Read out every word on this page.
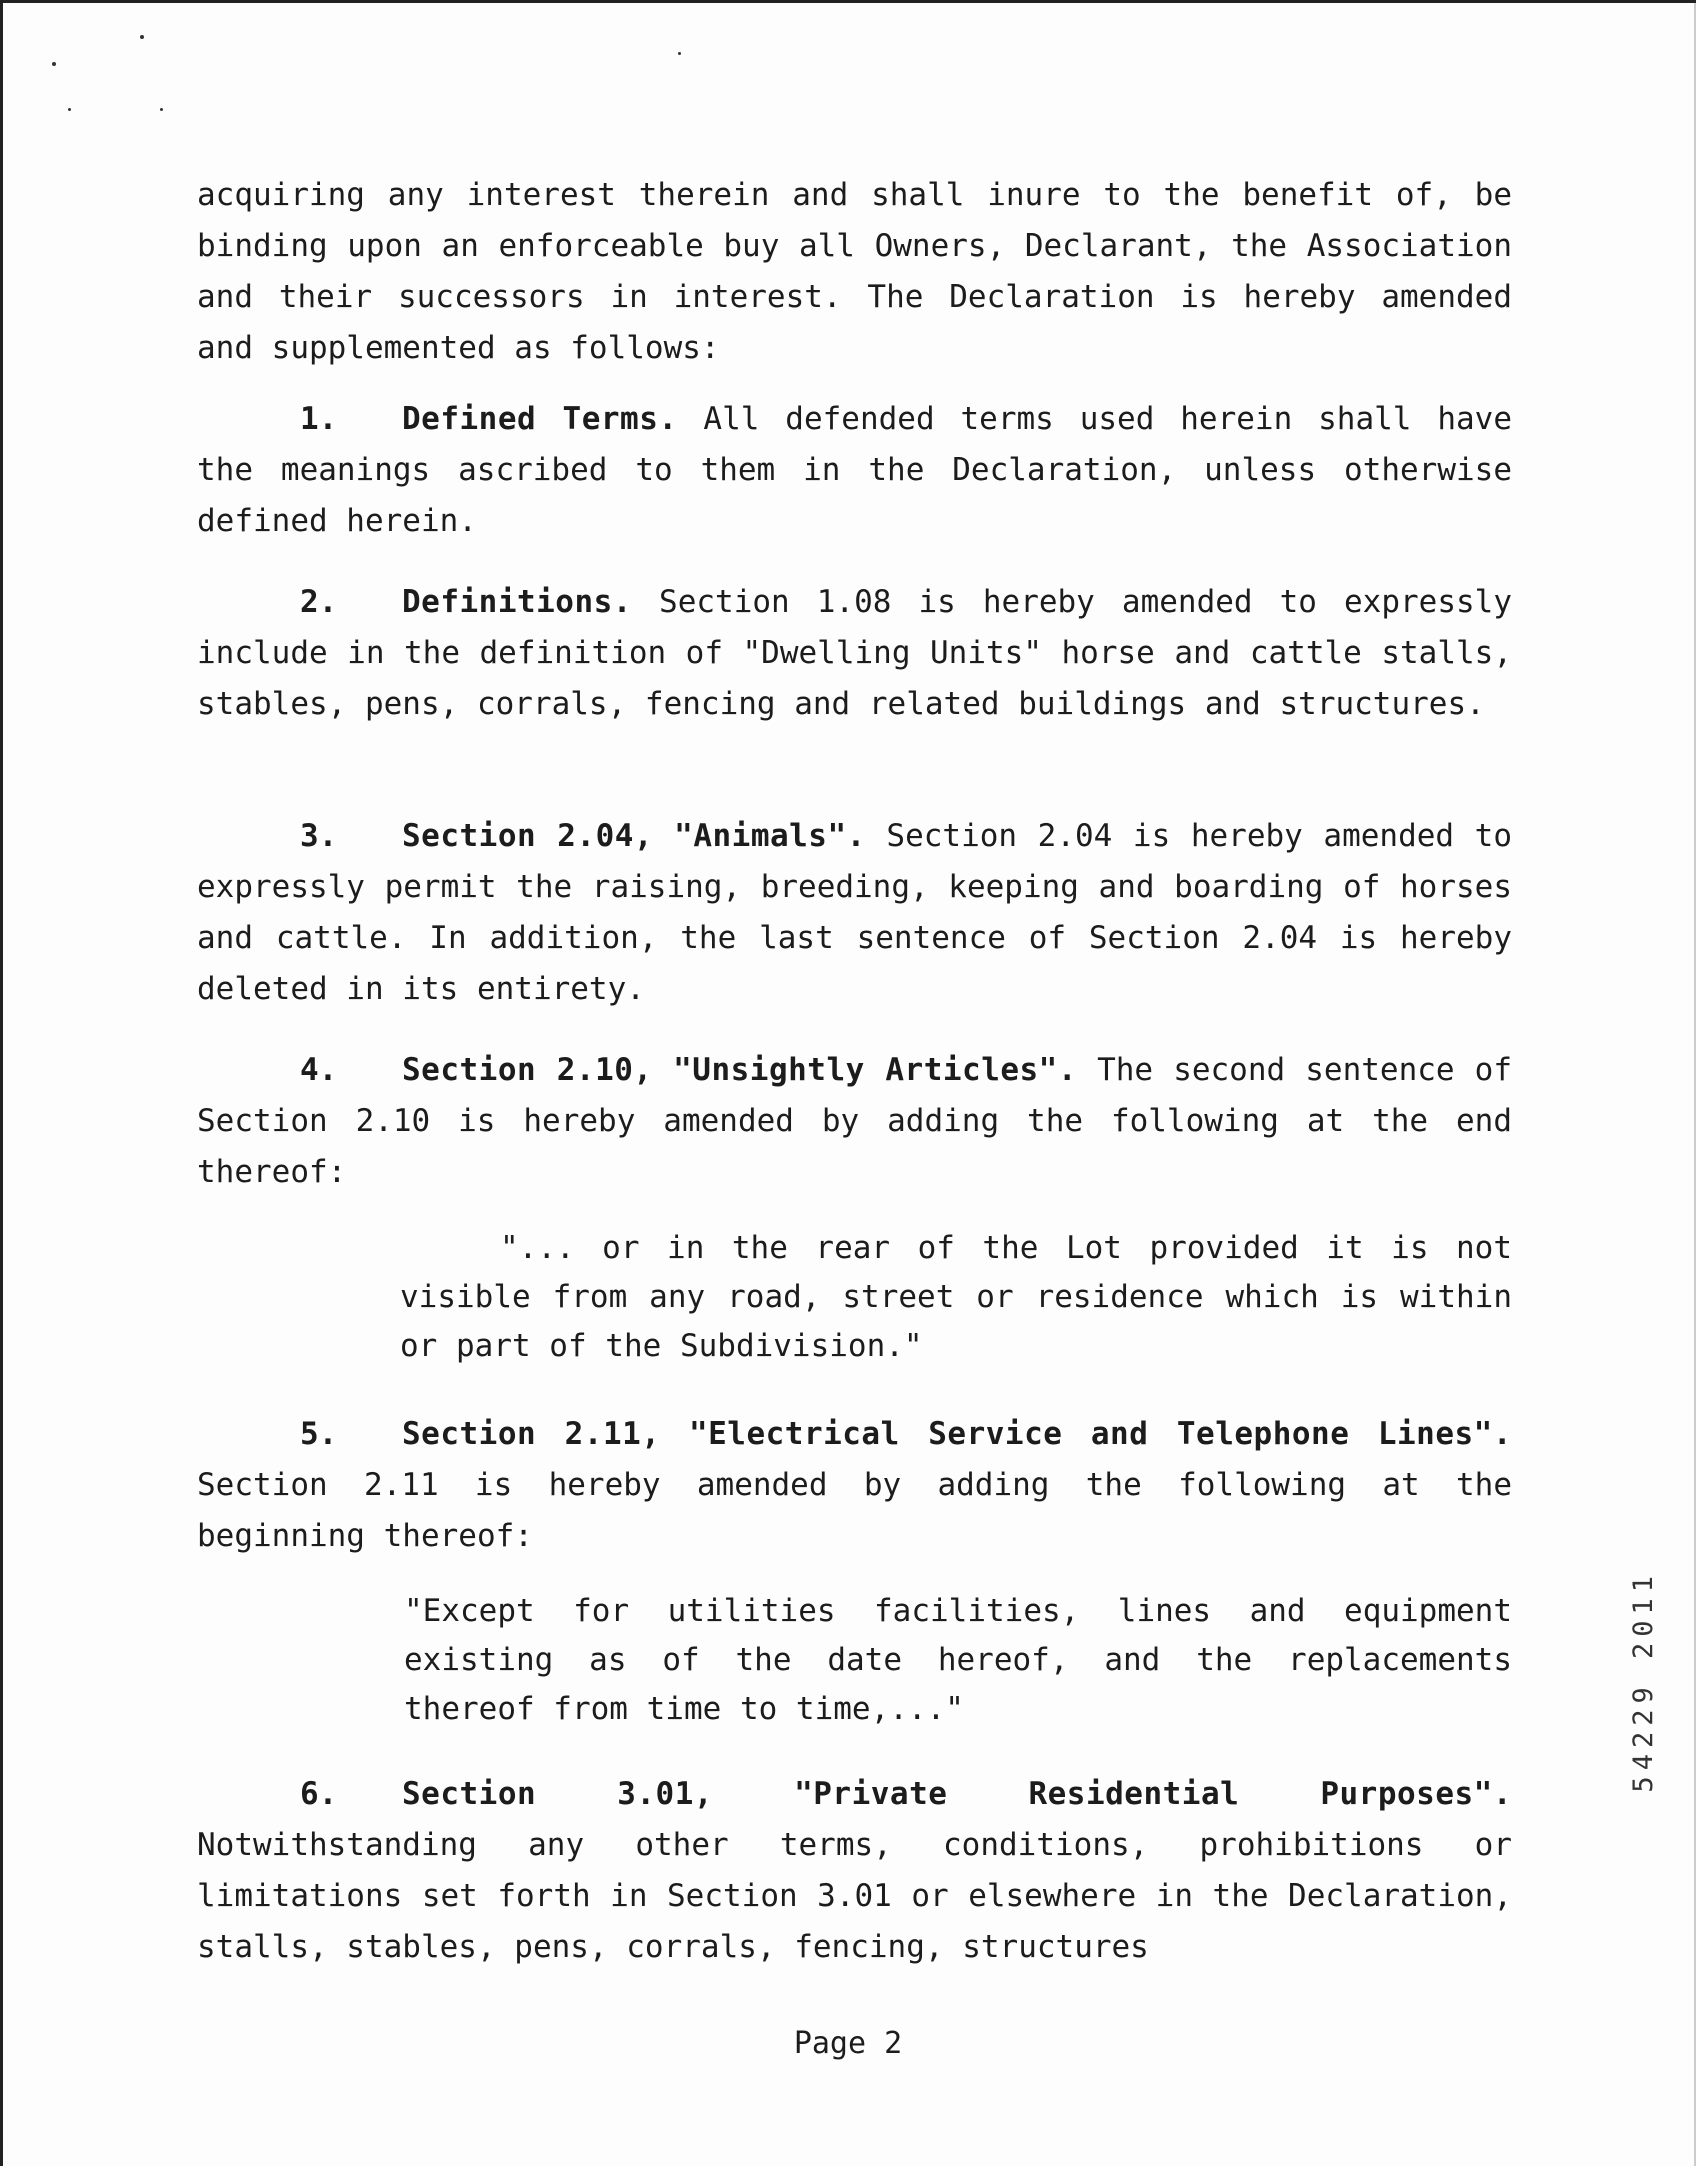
acquiring any interest therein and shall inure to the benefit of, be binding upon an enforceable buy all Owners, Declarant, the Association and their successors in interest. The Declaration is hereby amended and supplemented as follows:

1. Defined Terms. All defended terms used herein shall have the meanings ascribed to them in the Declaration, unless otherwise defined herein.

2. Definitions. Section 1.08 is hereby amended to expressly include in the definition of "Dwelling Units" horse and cattle stalls, stables, pens, corrals, fencing and related buildings and structures.

3. Section 2.04, "Animals". Section 2.04 is hereby amended to expressly permit the raising, breeding, keeping and boarding of horses and cattle. In addition, the last sentence of Section 2.04 is hereby deleted in its entirety.

4. Section 2.10, "Unsightly Articles". The second sentence of Section 2.10 is hereby amended by adding the following at the end thereof:

"... or in the rear of the Lot provided it is not visible from any road, street or residence which is within or part of the Subdivision."

5. Section 2.11, "Electrical Service and Telephone Lines". Section 2.11 is hereby amended by adding the following at the beginning thereof:

"Except for utilities facilities, lines and equipment existing as of the date hereof, and the replacements thereof from time to time,..."

6. Section 3.01, "Private Residential Purposes". Notwithstanding any other terms, conditions, prohibitions or limitations set forth in Section 3.01 or elsewhere in the Declaration, stalls, stables, pens, corrals, fencing, structures

Page 2
54229 2011
